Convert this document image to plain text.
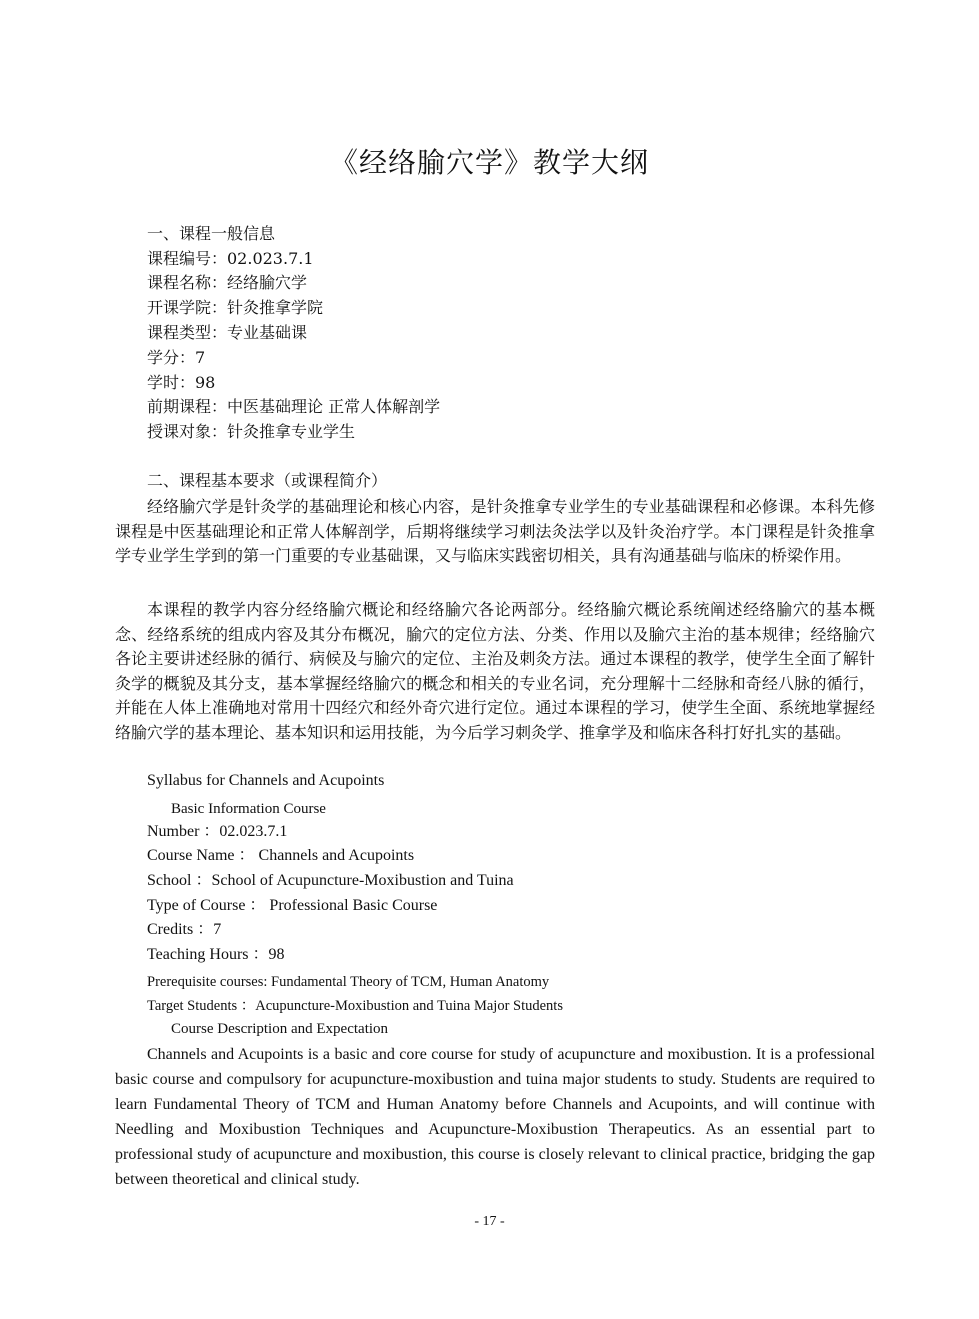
《经络腧穴学》教学大纲
一、课程一般信息
课程编号：02.023.7.1
课程名称：经络腧穴学
开课学院：针灸推拿学院
课程类型：专业基础课
学分：7
学时：98
前期课程：中医基础理论 正常人体解剖学
授课对象：针灸推拿专业学生
二、课程基本要求（或课程简介）
经络腧穴学是针灸学的基础理论和核心内容，是针灸推拿专业学生的专业基础课程和必修课。本科先修课程是中医基础理论和正常人体解剖学，后期将继续学习刺法灸法学以及针灸治疗学。本门课程是针灸推拿学专业学生学到的第一门重要的专业基础课，又与临床实践密切相关，具有沟通基础与临床的桥梁作用。
本课程的教学内容分经络腧穴概论和经络腧穴各论两部分。经络腧穴概论系统阐述经络腧穴的基本概念、经络系统的组成内容及其分布概况，腧穴的定位方法、分类、作用以及腧穴主治的基本规律；经络腧穴各论主要讲述经脉的循行、病候及与腧穴的定位、主治及刺灸方法。通过本课程的教学，使学生全面了解针灸学的概貌及其分支，基本掌握经络腧穴的概念和相关的专业名词，充分理解十二经脉和奇经八脉的循行，并能在人体上准确地对常用十四经穴和经外奇穴进行定位。通过本课程的学习，使学生全面、系统地掌握经络腧穴学的基本理论、基本知识和运用技能，为今后学习刺灸学、推拿学及和临床各科打好扎实的基础。
Syllabus for Channels and Acupoints
Basic Information Course
Number ：02.023.7.1
Course Name ： Channels and Acupoints
School ：School of Acupuncture-Moxibustion and Tuina
Type of Course ： Professional Basic Course
Credits ：7
Teaching Hours ：98
Prerequisite courses: Fundamental Theory of TCM, Human Anatomy
Target Students ：Acupuncture-Moxibustion and Tuina Major Students
Course Description and Expectation
Channels and Acupoints is a basic and core course for study of acupuncture and moxibustion. It is a professional basic course and compulsory for acupuncture-moxibustion and tuina major students to study. Students are required to learn Fundamental Theory of TCM and Human Anatomy before Channels and Acupoints, and will continue with Needling and Moxibustion Techniques and Acupuncture-Moxibustion Therapeutics. As an essential part to professional study of acupuncture and moxibustion, this course is closely relevant to clinical practice, bridging the gap between theoretical and clinical study.
- 17 -
